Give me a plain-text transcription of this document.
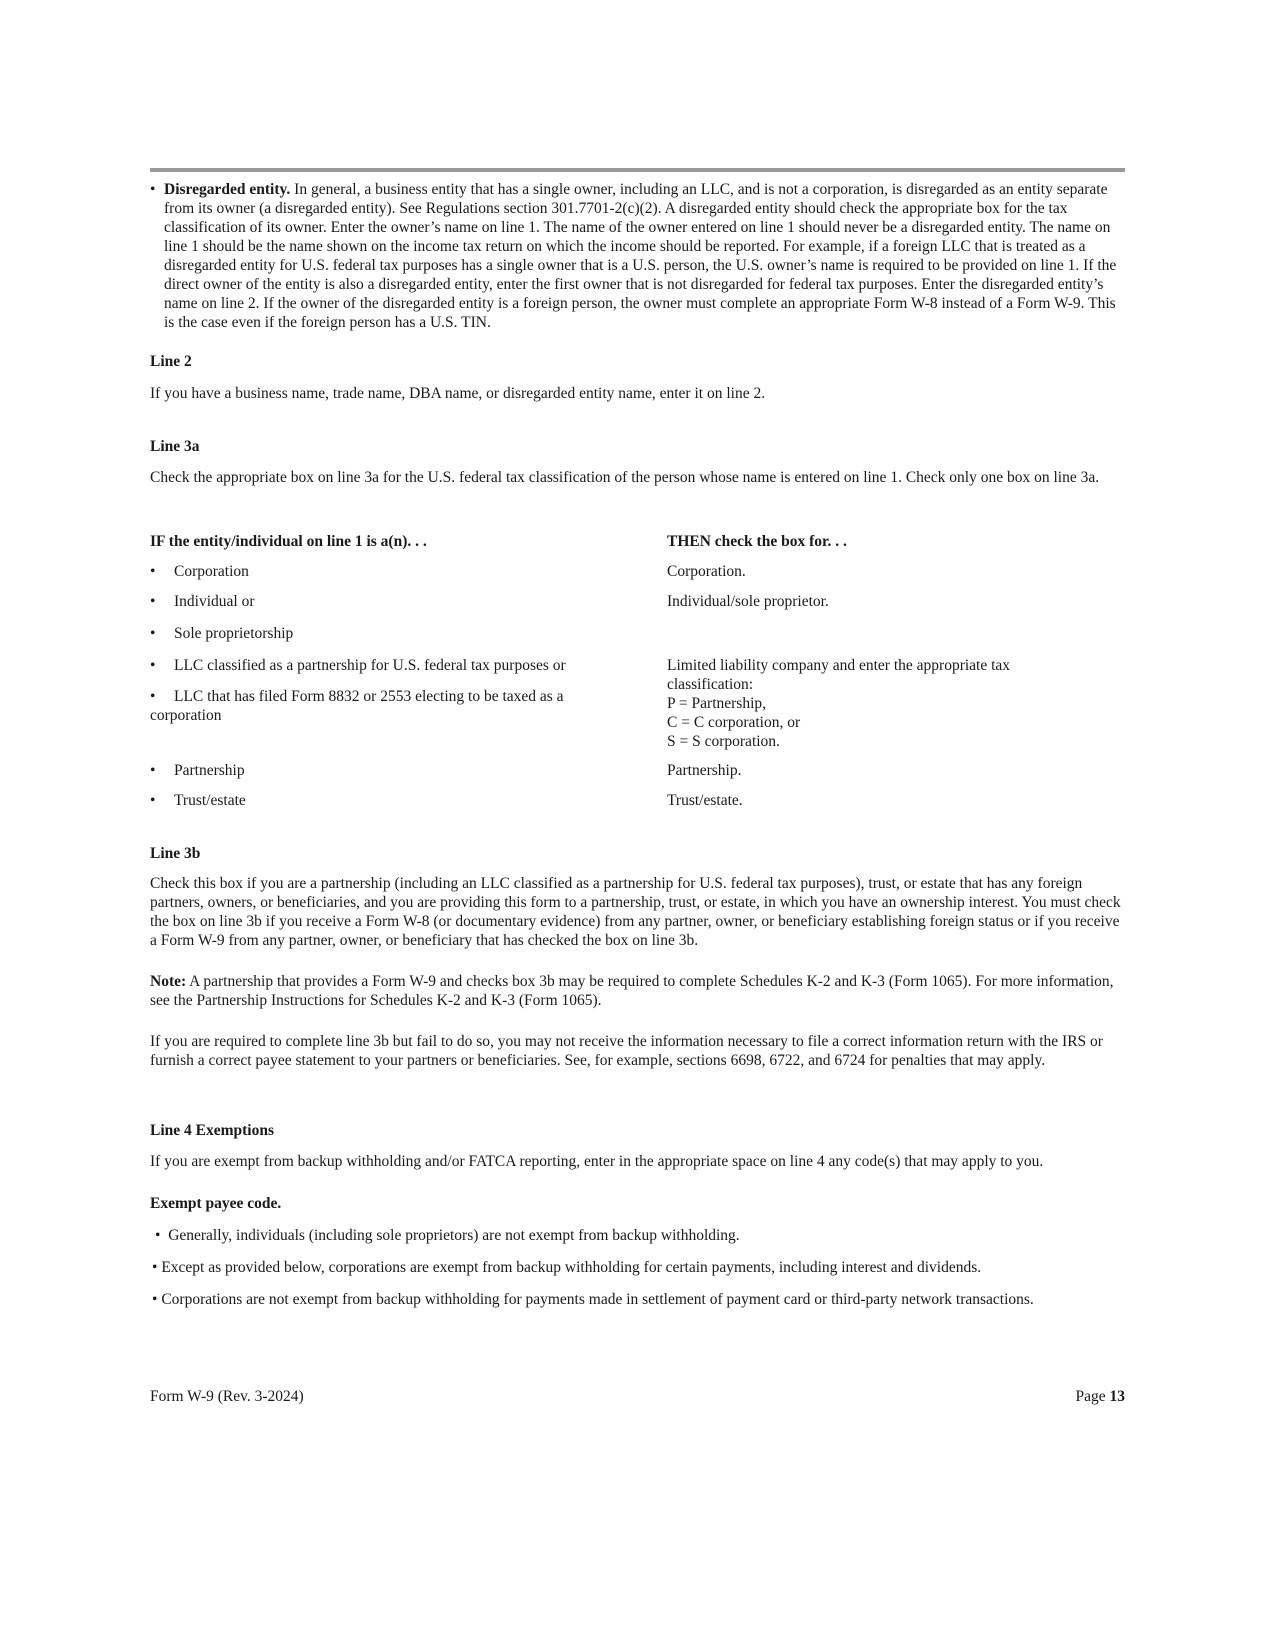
• Disregarded entity. In general, a business entity that has a single owner, including an LLC, and is not a corporation, is disregarded as an entity separate from its owner (a disregarded entity). See Regulations section 301.7701-2(c)(2). A disregarded entity should check the appropriate box for the tax classification of its owner. Enter the owner’s name on line 1. The name of the owner entered on line 1 should never be a disregarded entity. The name on line 1 should be the name shown on the income tax return on which the income should be reported. For example, if a foreign LLC that is treated as a disregarded entity for U.S. federal tax purposes has a single owner that is a U.S. person, the U.S. owner’s name is required to be provided on line 1. If the direct owner of the entity is also a disregarded entity, enter the first owner that is not disregarded for federal tax purposes. Enter the disregarded entity’s name on line 2. If the owner of the disregarded entity is a foreign person, the owner must complete an appropriate Form W-8 instead of a Form W-9. This is the case even if the foreign person has a U.S. TIN.
Line 2
If you have a business name, trade name, DBA name, or disregarded entity name, enter it on line 2.
Line 3a
Check the appropriate box on line 3a for the U.S. federal tax classification of the person whose name is entered on line 1. Check only one box on line 3a.
IF the entity/individual on line 1 is a(n). . .	THEN check the box for. . .
• Corporation
• Individual or
• Sole proprietorship
• LLC classified as a partnership for U.S. federal tax purposes or
• LLC that has filed Form 8832 or 2553 electing to be taxed as a corporation
• Partnership
• Trust/estate
Corporation.
Individual/sole proprietor.
Limited liability company and enter the appropriate tax classification:
P = Partnership,
C = C corporation, or
S = S corporation.
Partnership.
Trust/estate.
Line 3b
Check this box if you are a partnership (including an LLC classified as a partnership for U.S. federal tax purposes), trust, or estate that has any foreign partners, owners, or beneficiaries, and you are providing this form to a partnership, trust, or estate, in which you have an ownership interest. You must check the box on line 3b if you receive a Form W-8 (or documentary evidence) from any partner, owner, or beneficiary establishing foreign status or if you receive a Form W-9 from any partner, owner, or beneficiary that has checked the box on line 3b.
Note: A partnership that provides a Form W-9 and checks box 3b may be required to complete Schedules K-2 and K-3 (Form 1065). For more information, see the Partnership Instructions for Schedules K-2 and K-3 (Form 1065).
If you are required to complete line 3b but fail to do so, you may not receive the information necessary to file a correct information return with the IRS or furnish a correct payee statement to your partners or beneficiaries. See, for example, sections 6698, 6722, and 6724 for penalties that may apply.
Line 4 Exemptions
If you are exempt from backup withholding and/or FATCA reporting, enter in the appropriate space on line 4 any code(s) that may apply to you.
Exempt payee code.
• Generally, individuals (including sole proprietors) are not exempt from backup withholding.
• Except as provided below, corporations are exempt from backup withholding for certain payments, including interest and dividends.
• Corporations are not exempt from backup withholding for payments made in settlement of payment card or third-party network transactions.
Form W-9 (Rev. 3-2024)	Page 13
